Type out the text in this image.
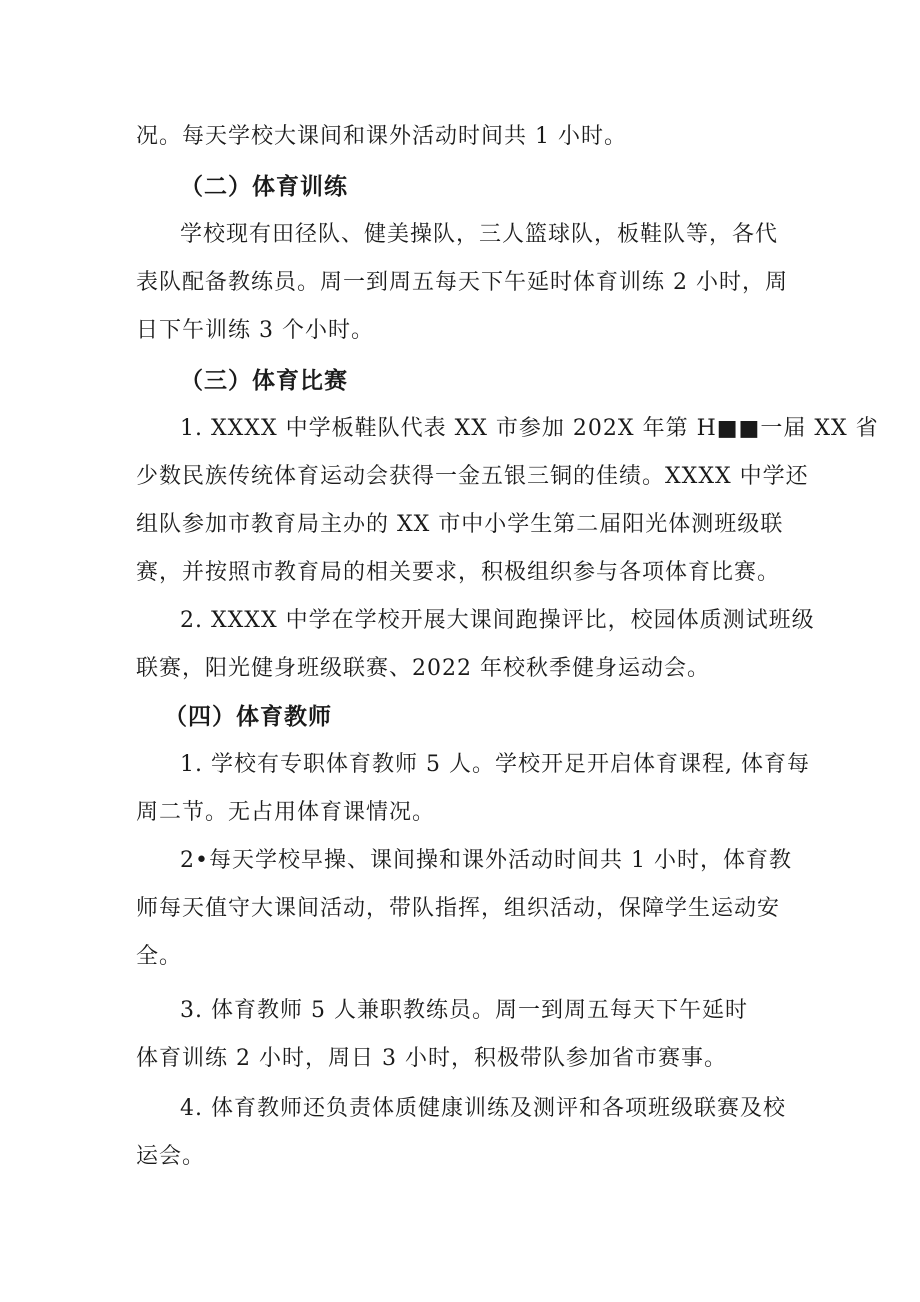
况。每天学校大课间和课外活动时间共 1 小时。
（二）体育训练
学校现有田径队、健美操队，三人篮球队，板鞋队等，各代
表队配备教练员。周一到周五每天下午延时体育训练 2 小时，周
日下午训练 3 个小时。
（三）体育比赛
1. XXXX 中学板鞋队代表 XX 市参加 202X 年第 H■■一届 XX 省
少数民族传统体育运动会获得一金五银三铜的佳绩。XXXX 中学还
组队参加市教育局主办的 XX 市中小学生第二届阳光体测班级联
赛，并按照市教育局的相关要求，积极组织参与各项体育比赛。
2. XXXX 中学在学校开展大课间跑操评比，校园体质测试班级
联赛，阳光健身班级联赛、2022 年校秋季健身运动会。
（四）体育教师
1. 学校有专职体育教师 5 人。学校开足开启体育课程, 体育每
周二节。无占用体育课情况。
2•每天学校早操、课间操和课外活动时间共 1 小时，体育教
师每天值守大课间活动，带队指挥，组织活动，保障学生运动安
全。
3. 体育教师 5 人兼职教练员。周一到周五每天下午延时
体育训练 2 小时，周日 3 小时，积极带队参加省市赛事。
4. 体育教师还负责体质健康训练及测评和各项班级联赛及校
运会。
